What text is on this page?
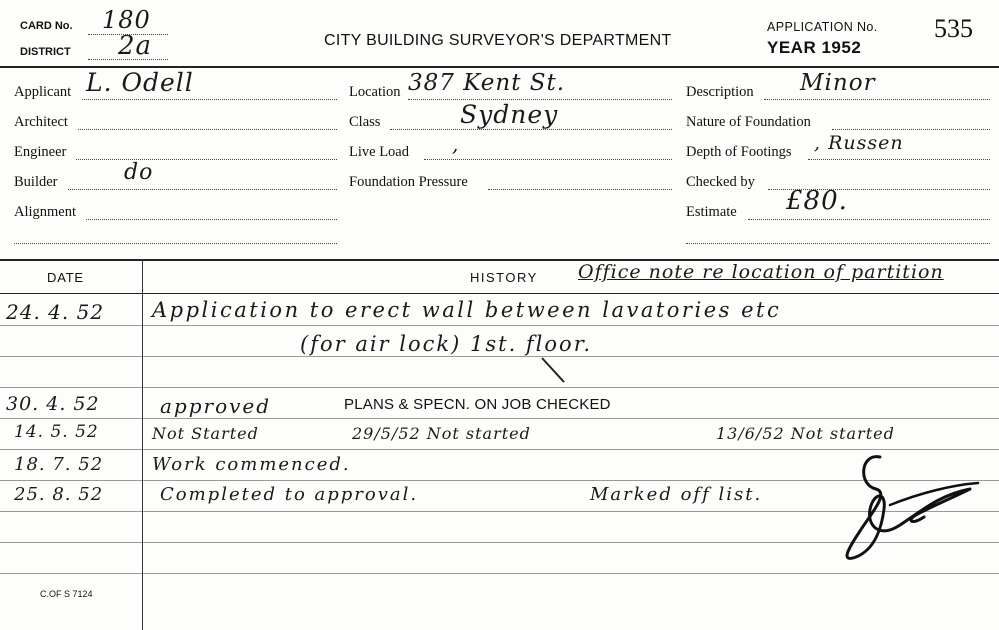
CARD No. 180
DISTRICT 2a	CITY BUILDING SURVEYOR'S DEPARTMENT
APPLICATION No. 535
YEAR 1952
Applicant L. Odell
Architect
Engineer
Builder	do
Alignment
Location 387 Kent St.
Class	Sydney
Live Load ,
Foundation Pressure
Description Minor
Nature of Foundation
Depth of Footings , Russen
Checked by
Estimate £80.
DATE	HISTORY Office note re location of partition
24. 4. 52 Application to erect wall between lavatories etc
(for air lock) 1st. floor.
30. 4. 52	approved	PLANS & SPECN. ON JOB CHECKED
14. 5. 52	Not Started	29/5/52 Not started	13/6/52 Not started
18. 7. 52	Work commenced.
25. 8. 52	Completed to approval.	Marked off list.
C.OF S 7124
